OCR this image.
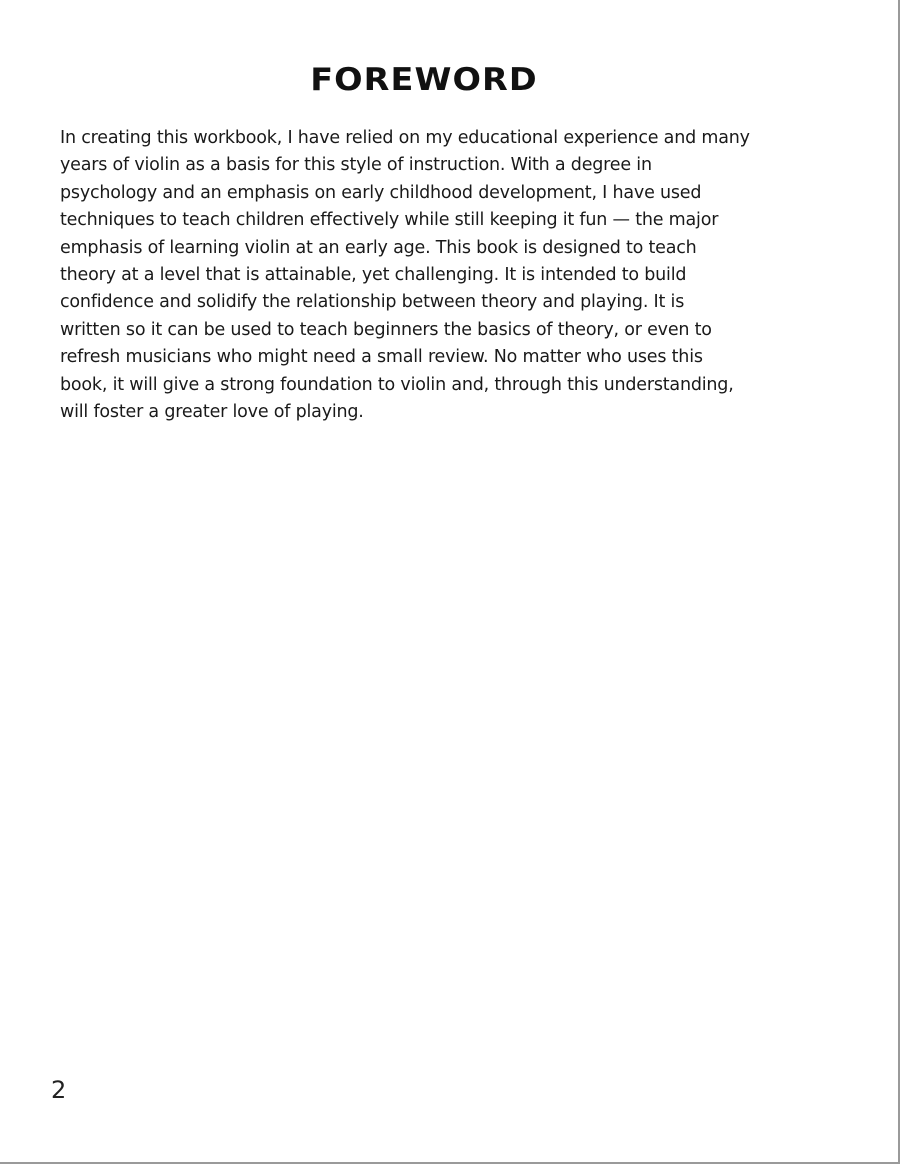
FOREWORD

In creating this workbook, I have relied on my educational experience and many
years of violin as a basis for this style of instruction. With a degree in
psychology and an emphasis on early childhood development, I have used
techniques to teach children effectively while still keeping it fun — the major
emphasis of learning violin at an early age. This book is designed to teach
theory at a level that is attainable, yet challenging. It is intended to build
confidence and solidify the relationship between theory and playing. It is
written so it can be used to teach beginners the basics of theory, or even to
refresh musicians who might need a small review. No matter who uses this
book, it will give a strong foundation to violin and, through this understanding,
will foster a greater love of playing.

2
